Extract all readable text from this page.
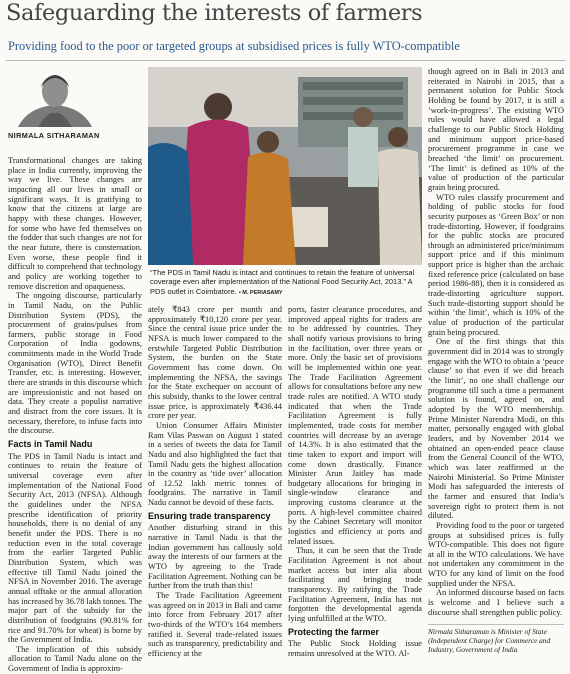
Safeguarding the interests of farmers
Providing food to the poor or targeted groups at subsidised prices is fully WTO-compatible
NIRMALA SITHARAMAN

Transformational changes are taking place in India currently, improving the way we live. These changes are impacting all our lives in small or significant ways. It is gratifying to know that the citizens at large are happy with these changes. However, for some who have fed themselves on the fodder that such changes are not for the near future, there is consternation. Even worse, these people find it difficult to comprehend that technology and policy are working together to remove discretion and opaqueness.

The ongoing discourse, particularly in Tamil Nadu, on the Public Distribution System (PDS), the procurement of grains/pulses from farmers, public storage in Food Corporation of India godowns, commitments made in the World Trade Organisation (WTO), Direct Benefit Transfer, etc. is interesting. However, there are strands in this discourse which are impressionistic and not based on data. They create a populist narrative and distract from the core issues. It is necessary, therefore, to infuse facts into the discourse.

Facts in Tamil Nadu

The PDS in Tamil Nadu is intact and continues to retain the feature of universal coverage even after implementation of the National Food Security Act, 2013 (NFSA). Although the guidelines under the NFSA prescribe identification of priority households, there is no denial of any benefit under the PDS. There is no reduction even in the total coverage from the earlier Targeted Public Distribution System, which was effective till Tamil Nadu joined the NFSA in November 2016. The average annual offtake or the annual allocation has increased by 36.78 lakh tonnes. The major part of the subsidy for the distribution of foodgrains (90.81% for rice and 91.70% for wheat) is borne by the Government of India.

The implication of this subsidy allocation to Tamil Nadu alone on the Government of India is approxim-

“The PDS in Tamil Nadu is intact and continues to retain the feature of universal coverage even after implementation of the National Food Security Act, 2013.” A PDS outlet in Coimbatore. • M. PERIASAMY

ately ₹843 crore per month and approximately ₹10,120 crore per year. Since the central issue price under the NFSA is much lower compared to the erstwhile Targeted Public Distribution System, the burden on the State Government has come down. On implementing the NFSA, the savings for the State exchequer on account of this subsidy, thanks to the lower central issue price, is approximately ₹436.44 crore per year.

Union Consumer Affairs Minister Ram Vilas Paswan on August 1 stated in a series of tweets the data for Tamil Nadu and also highlighted the fact that Tamil Nadu gets the highest allocation in the country as ‘tide over’ allocation of 12.52 lakh metric tonnes of foodgrains. The narrative in Tamil Nadu cannot be devoid of these facts.

Ensuring trade transparency

Another disturbing strand in this narrative in Tamil Nadu is that the Indian government has callously sold away the interests of our farmers at the WTO by agreeing to the Trade Facilitation Agreement. Nothing can be further from the truth than this!

The Trade Facilitation Agreement was agreed on in 2013 in Bali and came into force from February 2017 after two-thirds of the WTO’s 164 members ratified it. Several trade-related issues such as transparency, predictability and efficiency at the

ports, faster clearance procedures, and improved appeal rights for traders are to be addressed by countries. They shall notify various provisions to bring in the facilitation, over three years or more. Only the basic set of provisions will be implemented within one year. The Trade Facilitation Agreement allows for consultations before any new trade rules are notified. A WTO study indicated that when the Trade Facilitation Agreement is fully implemented, trade costs for member countries will decrease by an average of 14.3%. It is also estimated that the time taken to export and import will come down drastically. Finance Minister Arun Jaitley has made budgetary allocations for bringing in single-window clearance and improving customs clearance at the ports. A high-level committee chaired by the Cabinet Secretary will monitor logistics and efficiency at ports and related issues.

Thus, it can be seen that the Trade Facilitation Agreement is not about market access but inter alia about facilitating and bringing trade transparency. By ratifying the Trade Facilitation Agreement, India has not forgotten the developmental agenda lying unfulfilled at the WTO.

Protecting the farmer

The Public Stock Holding issue remains unresolved at the WTO. Al-

though agreed on in Bali in 2013 and reiterated in Nairobi in 2015, that a permanent solution for Public Stock Holding be found by 2017, it is still a ‘work-in-progress’. The existing WTO rules would have allowed a legal challenge to our Public Stock Holding and minimum support price-based procurement programme in case we breached ‘the limit’ on procurement. ‘The limit’ is defined as 10% of the value of production of the particular grain being procured.

WTO rules classify procurement and holding of public stocks for food security purposes as ‘Green Box’ or non trade-distorting. However, if foodgrains for the public stocks are procured through an administered price/minimum support price and if this minimum support price is higher than the archaic fixed reference price (calculated on base period 1986-88), then it is considered as trade-distorting agriculture support. Such trade-distorting support should be within ‘the limit’, which is 10% of the value of production of the particular grain being procured.

One of the first things that this government did in 2014 was to strongly engage with the WTO to obtain a ‘peace clause’ so that even if we did breach ‘the limit’, no one shall challenge our programme till such a time a permanent solution is found, agreed on, and adopted by the WTO membership. Prime Minister Narendra Modi, on this matter, personally engaged with global leaders, and by November 2014 we obtained an open-ended peace clause from the General Council of the WTO, which was later reaffirmed at the Nairobi Ministerial. So Prime Minister Modi has safeguarded the interests of the farmer and ensured that India’s sovereign right to protect them is not diluted.

Providing food to the poor or targeted groups at subsidised prices is fully WTO-compatible. This does not figure at all in the WTO calculations. We have not undertaken any commitment in the WTO for any kind of limit on the food supplied under the NFSA.

An informed discourse based on facts is welcome and I believe such a discourse shall strengthen public policy.

Nirmala Sitharaman is Minister of State (Independent Charge) for Commerce and Industry, Government of India
